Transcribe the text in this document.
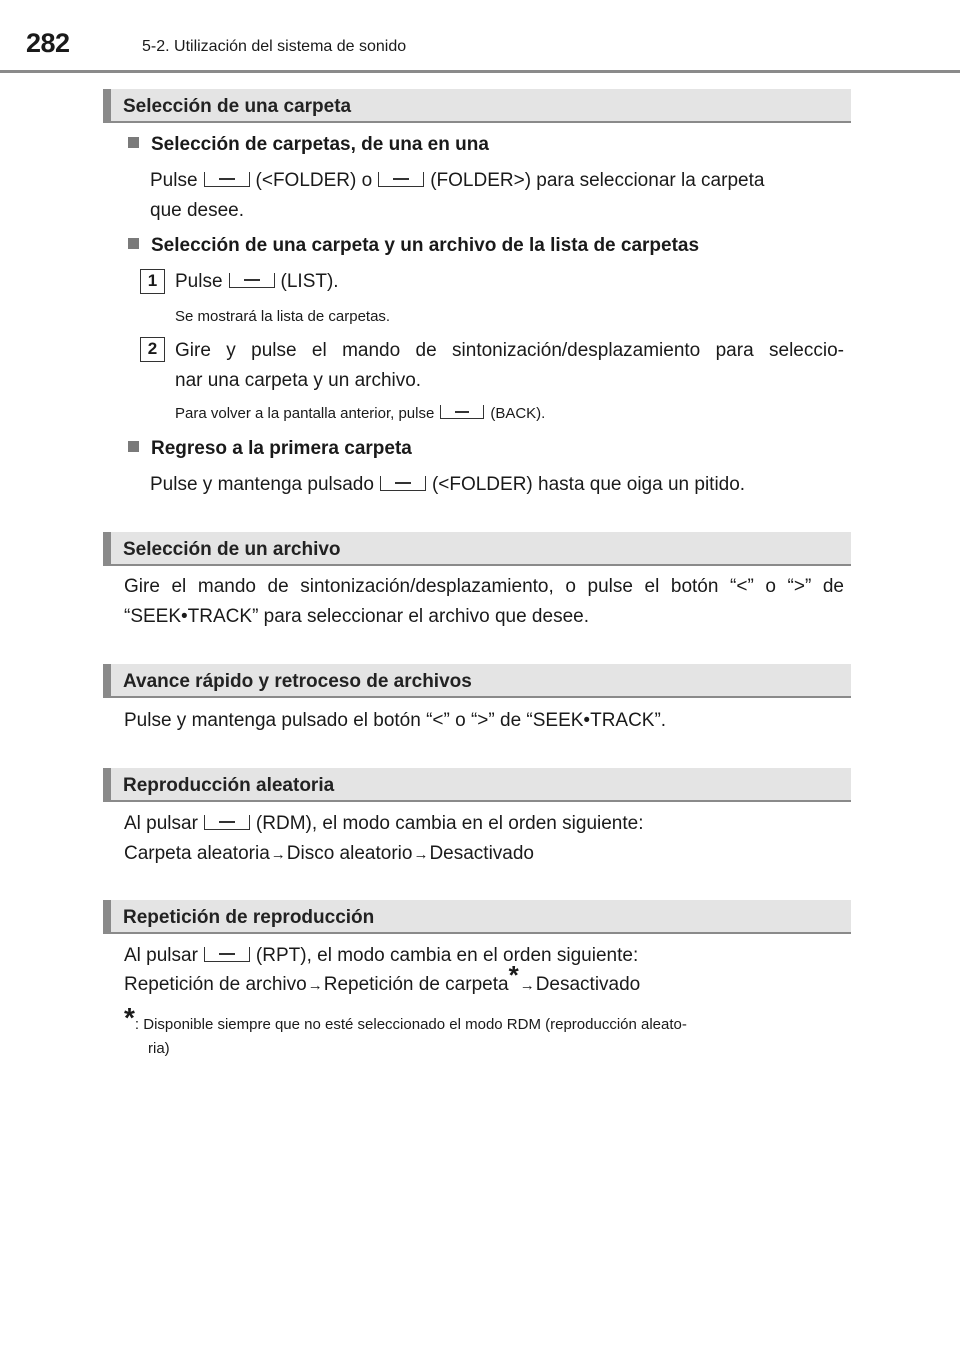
282	5-2. Utilización del sistema de sonido
Selección de una carpeta
Selección de carpetas, de una en una
Pulse	(<FOLDER) o	(FOLDER>) para seleccionar la carpeta
que desee.
Selección de una carpeta y un archivo de la lista de carpetas
1 Pulse	(LIST).
Se mostrará la lista de carpetas.
2 Gire y pulse el mando de sintonización/desplazamiento para seleccio-
nar una carpeta y un archivo.
Para volver a la pantalla anterior, pulse	(BACK).
Regreso a la primera carpeta
Pulse y mantenga pulsado	(<FOLDER) hasta que oiga un pitido.
Selección de un archivo
Gire el mando de sintonización/desplazamiento, o pulse el botón “<” o “>” de
“SEEK•TRACK” para seleccionar el archivo que desee.
Avance rápido y retroceso de archivos
Pulse y mantenga pulsado el botón “<” o “>” de “SEEK•TRACK”.
Reproducción aleatoria
Al pulsar	(RDM), el modo cambia en el orden siguiente:
Carpeta aleatoria→Disco aleatorio→Desactivado
Repetición de reproducción
Al pulsar	(RPT), el modo cambia en el orden siguiente:
Repetición de archivo→Repetición de carpeta*→Desactivado
*: Disponible siempre que no esté seleccionado el modo RDM (reproducción aleato-
ria)
